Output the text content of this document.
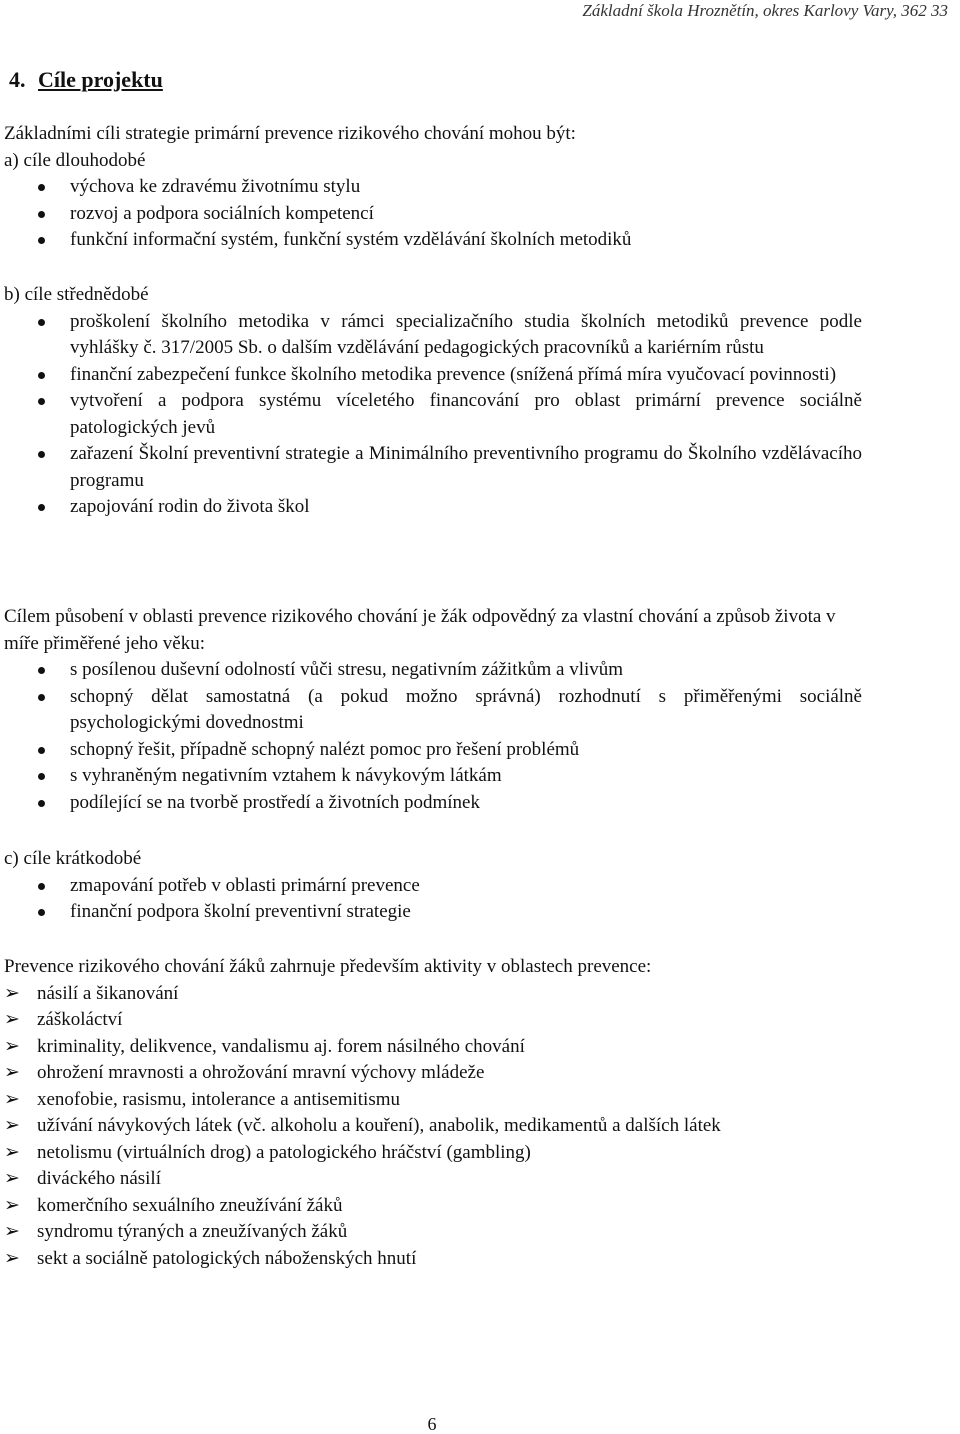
Základní škola Hroznětín, okres Karlovy Vary, 362 33
4. Cíle projektu

Základními cíli strategie primární prevence rizikového chování mohou být:

a) cíle dlouhodobé

výchova ke zdravému životnímu stylu
rozvoj a podpora sociálních kompetencí
funkční informační systém, funkční systém vzdělávání školních metodiků

b) cíle střednědobé

proškolení školního metodika v rámci specializačního studia školních metodiků prevence podle vyhlášky č. 317/2005 Sb. o dalším vzdělávání pedagogických pracovníků a kariérním růstu
finanční zabezpečení funkce školního metodika prevence (snížená přímá míra vyučovací povinnosti)
vytvoření a podpora systému víceletého financování pro oblast primární prevence sociálně patologických jevů
zařazení Školní preventivní strategie a Minimálního preventivního programu do Školního vzdělávacího programu
zapojování rodin do života škol

Cílem působení v oblasti prevence rizikového chování je žák odpovědný za vlastní chování a způsob života v míře přiměřené jeho věku:

s posílenou duševní odolností vůči stresu, negativním zážitkům a vlivům
schopný dělat samostatná (a pokud možno správná) rozhodnutí s přiměřenými sociálně psychologickými dovednostmi
schopný řešit, případně schopný nalézt pomoc pro řešení problémů
s vyhraněným negativním vztahem k návykovým látkám
podílející se na tvorbě prostředí a životních podmínek

c) cíle krátkodobé

zmapování potřeb v oblasti primární prevence
finanční podpora školní preventivní strategie

Prevence rizikového chování žáků zahrnuje především aktivity v oblastech prevence:

➢ násilí a šikanování
➢ záškoláctví
➢ kriminality, delikvence, vandalismu aj. forem násilného chování
➢ ohrožení mravnosti a ohrožování mravní výchovy mládeže
➢ xenofobie, rasismu, intolerance a antisemitismu
➢ užívání návykových látek (vč. alkoholu a kouření), anabolik, medikamentů a dalších látek
➢ netolismu (virtuálních drog) a patologického hráčství (gambling)
➢ diváckého násilí
➢ komerčního sexuálního zneužívání žáků
➢ syndromu týraných a zneužívaných žáků
➢ sekt a sociálně patologických náboženských hnutí
6
